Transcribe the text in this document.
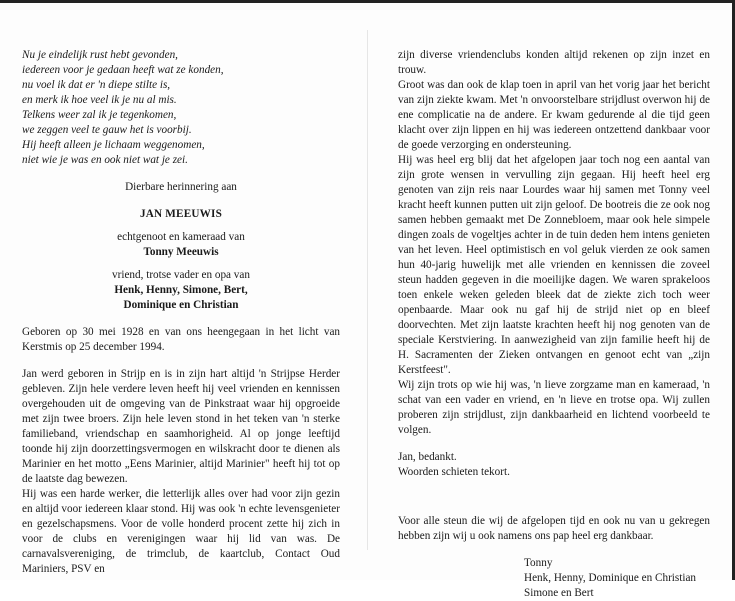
Nu je eindelijk rust hebt gevonden,
iedereen voor je gedaan heeft wat ze konden,
nu voel ik dat er 'n diepe stilte is,
en merk ik hoe veel ik je nu al mis.
Telkens weer zal ik je tegenkomen,
we zeggen veel te gauw het is voorbij.
Hij heeft alleen je lichaam weggenomen,
niet wie je was en ook niet wat je zei.
Dierbare herinnering aan
JAN MEEUWIS
echtgenoot en kameraad van
Tonny Meeuwis
vriend, trotse vader en opa van
Henk, Henny, Simone, Bert,
Dominique en Christian

Geboren op 30 mei 1928 en van ons heengegaan in het licht van Kerstmis op 25 december 1994.

Jan werd geboren in Strijp en is in zijn hart altijd 'n Strijpse Herder gebleven. Zijn hele verdere leven heeft hij veel vrienden en kennissen overgehouden uit de omgeving van de Pinkstraat waar hij opgroeide met zijn twee broers. Zijn hele leven stond in het teken van 'n sterke familieband, vriendschap en saamhorigheid. Al op jonge leeftijd toonde hij zijn doorzettingsvermogen en wilskracht door te dienen als Marinier en het motto „Eens Marinier, altijd Marinier" heeft hij tot op de laatste dag bewezen.

Hij was een harde werker, die letterlijk alles over had voor zijn gezin en altijd voor iedereen klaar stond. Hij was ook 'n echte levensgenieter en gezelschapsmens. Voor de volle honderd procent zette hij zich in voor de clubs en verenigingen waar hij lid van was. De carnavalsvereniging, de trimclub, de kaartclub, Contact Oud Mariniers, PSV en

zijn diverse vriendenclubs konden altijd rekenen op zijn inzet en trouw.

Groot was dan ook de klap toen in april van het vorig jaar het bericht van zijn ziekte kwam. Met 'n onvoorstelbare strijdlust overwon hij de ene complicatie na de andere. Er kwam gedurende al die tijd geen klacht over zijn lippen en hij was iedereen ontzettend dankbaar voor de goede verzorging en ondersteuning.

Hij was heel erg blij dat het afgelopen jaar toch nog een aantal van zijn grote wensen in vervulling zijn gegaan. Hij heeft heel erg genoten van zijn reis naar Lourdes waar hij samen met Tonny veel kracht heeft kunnen putten uit zijn geloof. De bootreis die ze ook nog samen hebben gemaakt met De Zonnebloem, maar ook hele simpele dingen zoals de vogeltjes achter in de tuin deden hem intens genieten van het leven. Heel optimistisch en vol geluk vierden ze ook samen hun 40-jarig huwelijk met alle vrienden en kennissen die zoveel steun hadden gegeven in die moeilijke dagen. We waren sprakeloos toen enkele weken geleden bleek dat de ziekte zich toch weer openbaarde. Maar ook nu gaf hij de strijd niet op en bleef doorvechten. Met zijn laatste krachten heeft hij nog genoten van de speciale Kerstviering. In aanwezigheid van zijn familie heeft hij de H. Sacramenten der Zieken ontvangen en genoot echt van „zijn Kerstfeest".

Wij zijn trots op wie hij was, 'n lieve zorgzame man en kameraad, 'n schat van een vader en vriend, en 'n lieve en trotse opa. Wij zullen proberen zijn strijdlust, zijn dankbaarheid en lichtend voorbeeld te volgen.

Jan, bedankt.
Woorden schieten tekort.

Voor alle steun die wij de afgelopen tijd en ook nu van u gekregen hebben zijn wij u ook namens ons pap heel erg dankbaar.

Tonny
Henk, Henny, Dominique en Christian
Simone en Bert
